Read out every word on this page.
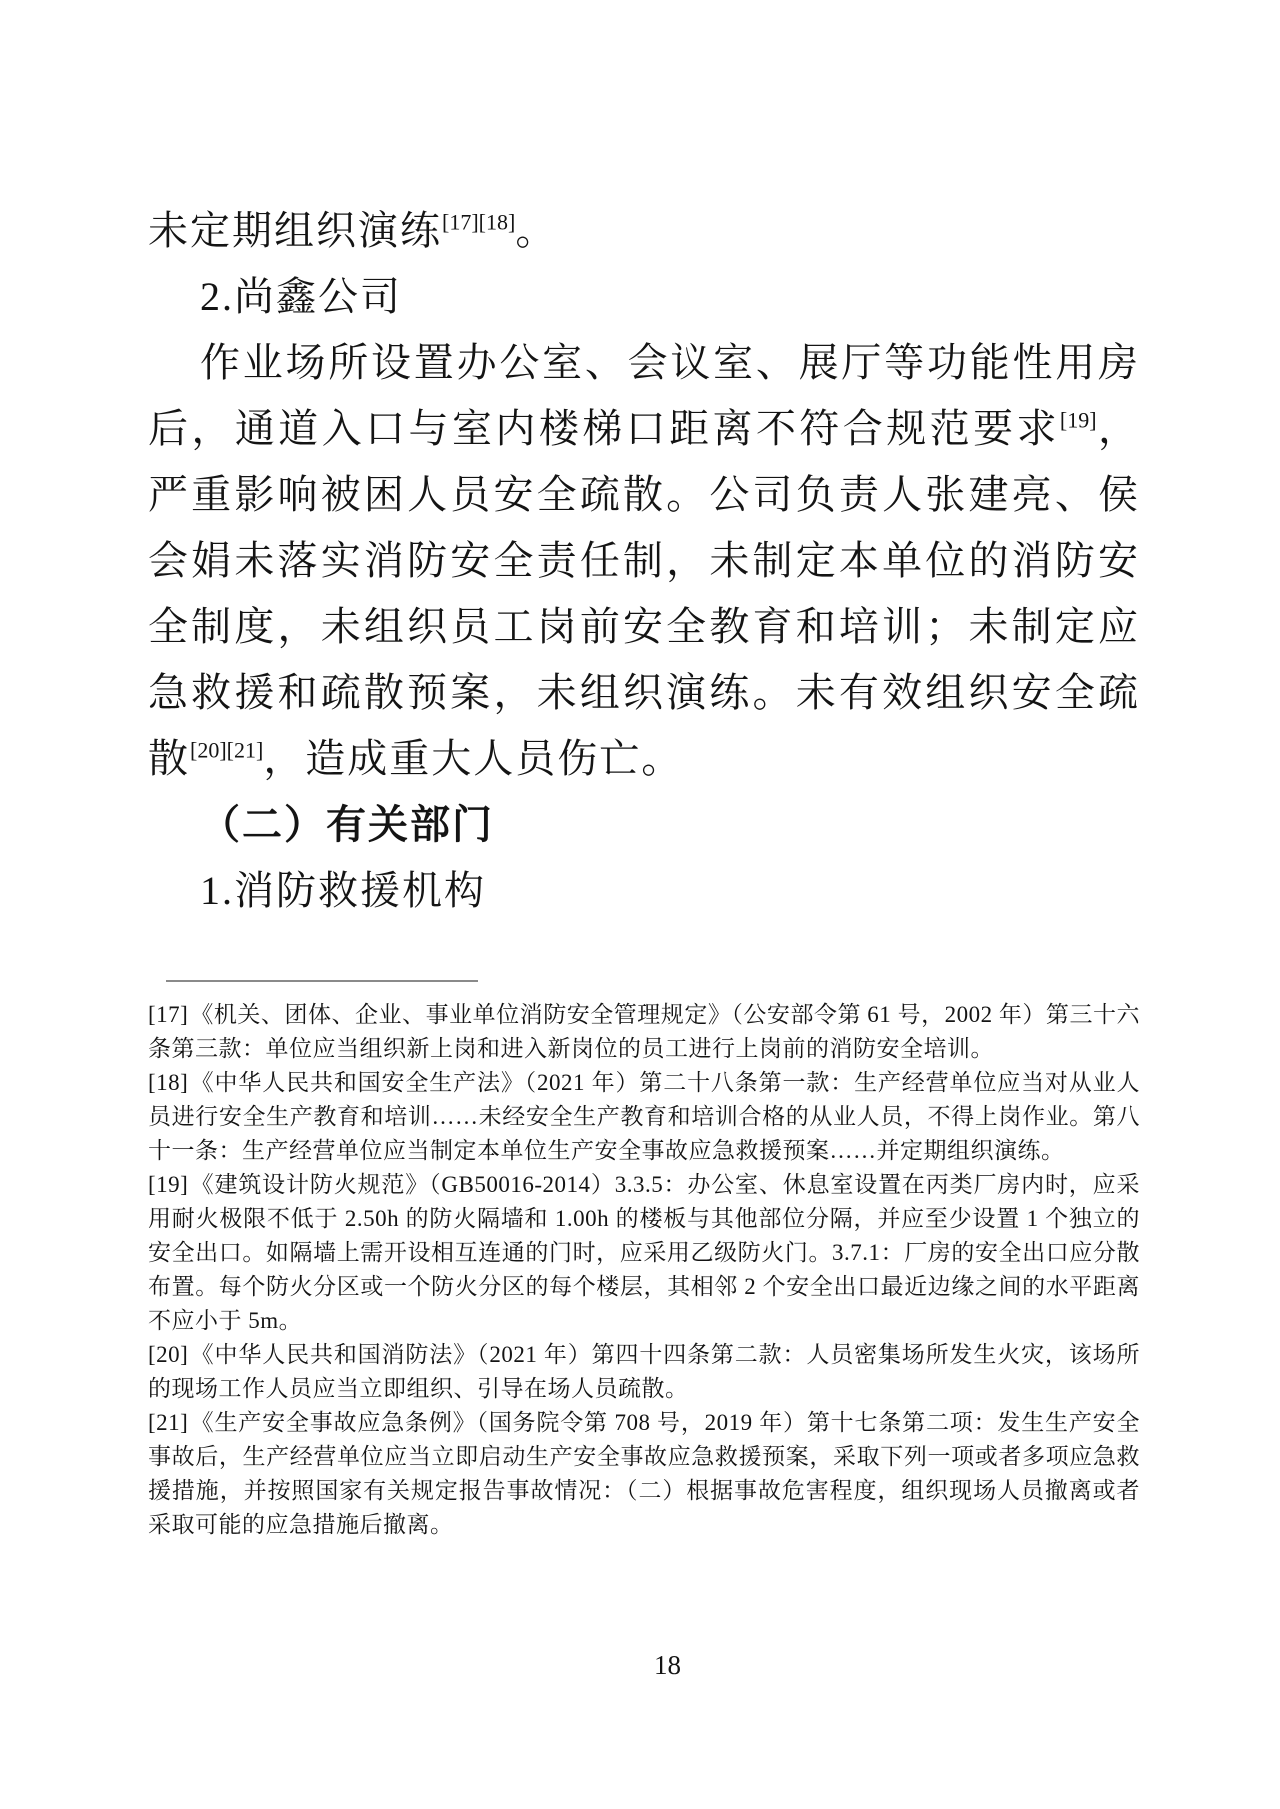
未定期组织演练[17][18]。

2.尚鑫公司

作业场所设置办公室、会议室、展厅等功能性用房后，通道入口与室内楼梯口距离不符合规范要求[19]，严重影响被困人员安全疏散。公司负责人张建亮、侯会娟未落实消防安全责任制，未制定本单位的消防安全制度，未组织员工岗前安全教育和培训；未制定应急救援和疏散预案，未组织演练。未有效组织安全疏散[20][21]，造成重大人员伤亡。

（二）有关部门

1.消防救援机构

[17]《机关、团体、企业、事业单位消防安全管理规定》（公安部令第 61 号，2002 年）第三十六条第三款：单位应当组织新上岗和进入新岗位的员工进行上岗前的消防安全培训。

[18]《中华人民共和国安全生产法》（2021 年）第二十八条第一款：生产经营单位应当对从业人员进行安全生产教育和培训……未经安全生产教育和培训合格的从业人员，不得上岗作业。第八十一条：生产经营单位应当制定本单位生产安全事故应急救援预案……并定期组织演练。

[19]《建筑设计防火规范》（GB50016-2014）3.3.5：办公室、休息室设置在丙类厂房内时，应采用耐火极限不低于 2.50h 的防火隔墙和 1.00h 的楼板与其他部位分隔，并应至少设置 1 个独立的安全出口。如隔墙上需开设相互连通的门时，应采用乙级防火门。3.7.1：厂房的安全出口应分散布置。每个防火分区或一个防火分区的每个楼层，其相邻 2 个安全出口最近边缘之间的水平距离不应小于 5m。

[20]《中华人民共和国消防法》（2021 年）第四十四条第二款：人员密集场所发生火灾，该场所的现场工作人员应当立即组织、引导在场人员疏散。

[21]《生产安全事故应急条例》（国务院令第 708 号，2019 年）第十七条第二项：发生生产安全事故后，生产经营单位应当立即启动生产安全事故应急救援预案，采取下列一项或者多项应急救援措施，并按照国家有关规定报告事故情况：（二）根据事故危害程度，组织现场人员撤离或者采取可能的应急措施后撤离。

18
